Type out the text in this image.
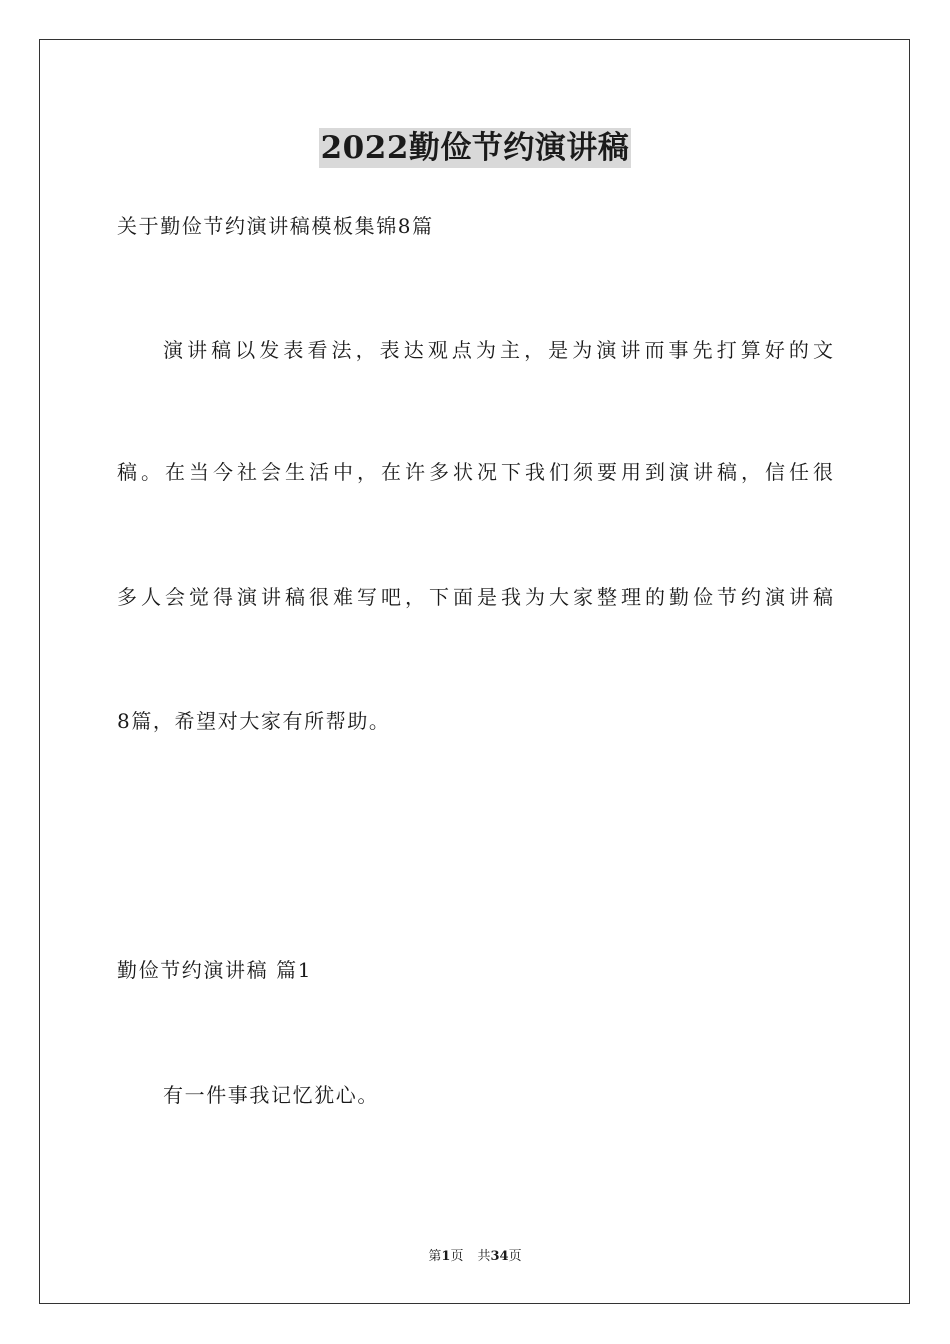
2022勤俭节约演讲稿
关于勤俭节约演讲稿模板集锦8篇
演讲稿以发表看法，表达观点为主，是为演讲而事先打算好的文
稿。在当今社会生活中，在许多状况下我们须要用到演讲稿，信任很
多人会觉得演讲稿很难写吧，下面是我为大家整理的勤俭节约演讲稿
8篇，希望对大家有所帮助。
勤俭节约演讲稿 篇1
有一件事我记忆犹心。
第1页 共34页
